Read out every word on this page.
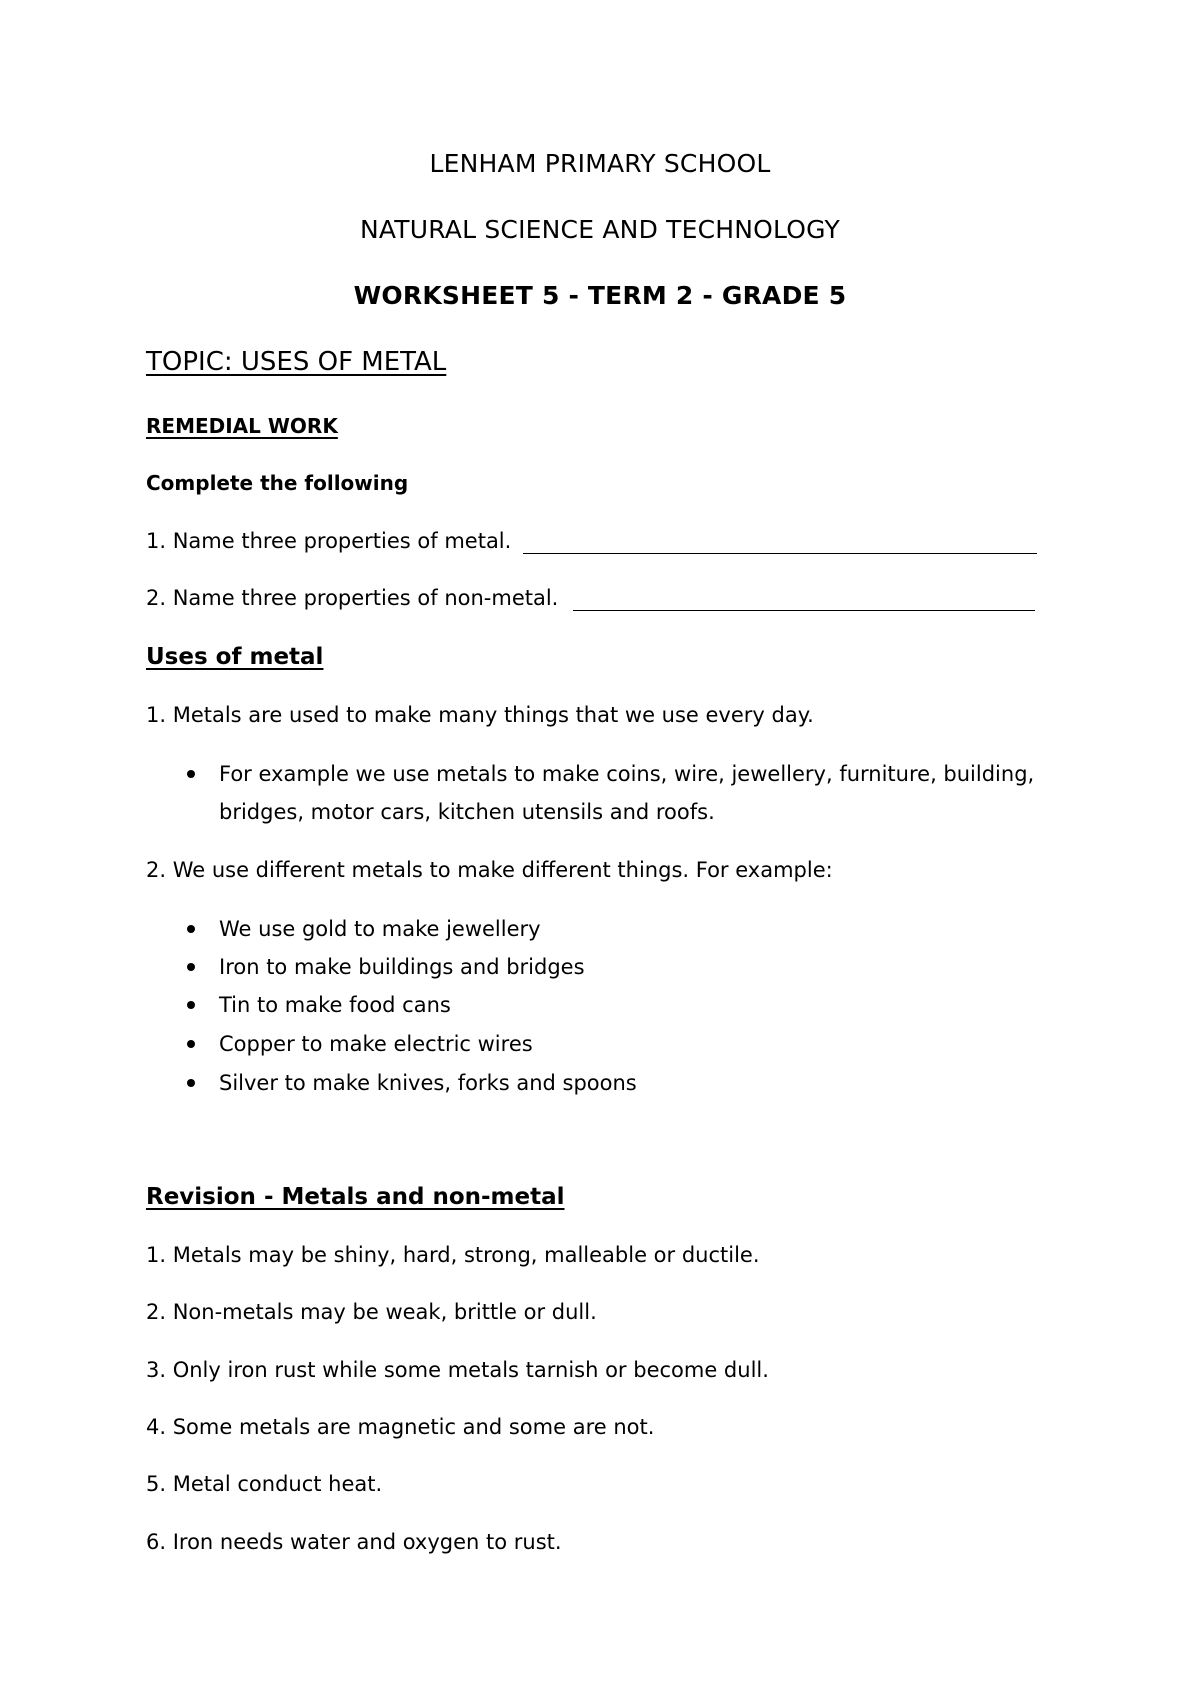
LENHAM PRIMARY SCHOOL
NATURAL SCIENCE AND TECHNOLOGY
WORKSHEET 5 - TERM 2 - GRADE 5
TOPIC: USES OF METAL
REMEDIAL WORK
Complete the following
1. Name three properties of metal.
2. Name three properties of non-metal.
Uses of metal
1. Metals are used to make many things that we use every day.
For example we use metals to make coins, wire, jewellery, furniture, building, bridges, motor cars, kitchen utensils and roofs.
2. We use different metals to make different things. For example:
We use gold to make jewellery
Iron to make buildings and bridges
Tin to make food cans
Copper to make electric wires
Silver to make knives, forks and spoons
Revision - Metals and non-metal
1. Metals may be shiny, hard, strong, malleable or ductile.
2. Non-metals may be weak, brittle or dull.
3. Only iron rust while some metals tarnish or become dull.
4. Some metals are magnetic and some are not.
5. Metal conduct heat.
6. Iron needs water and oxygen to rust.
